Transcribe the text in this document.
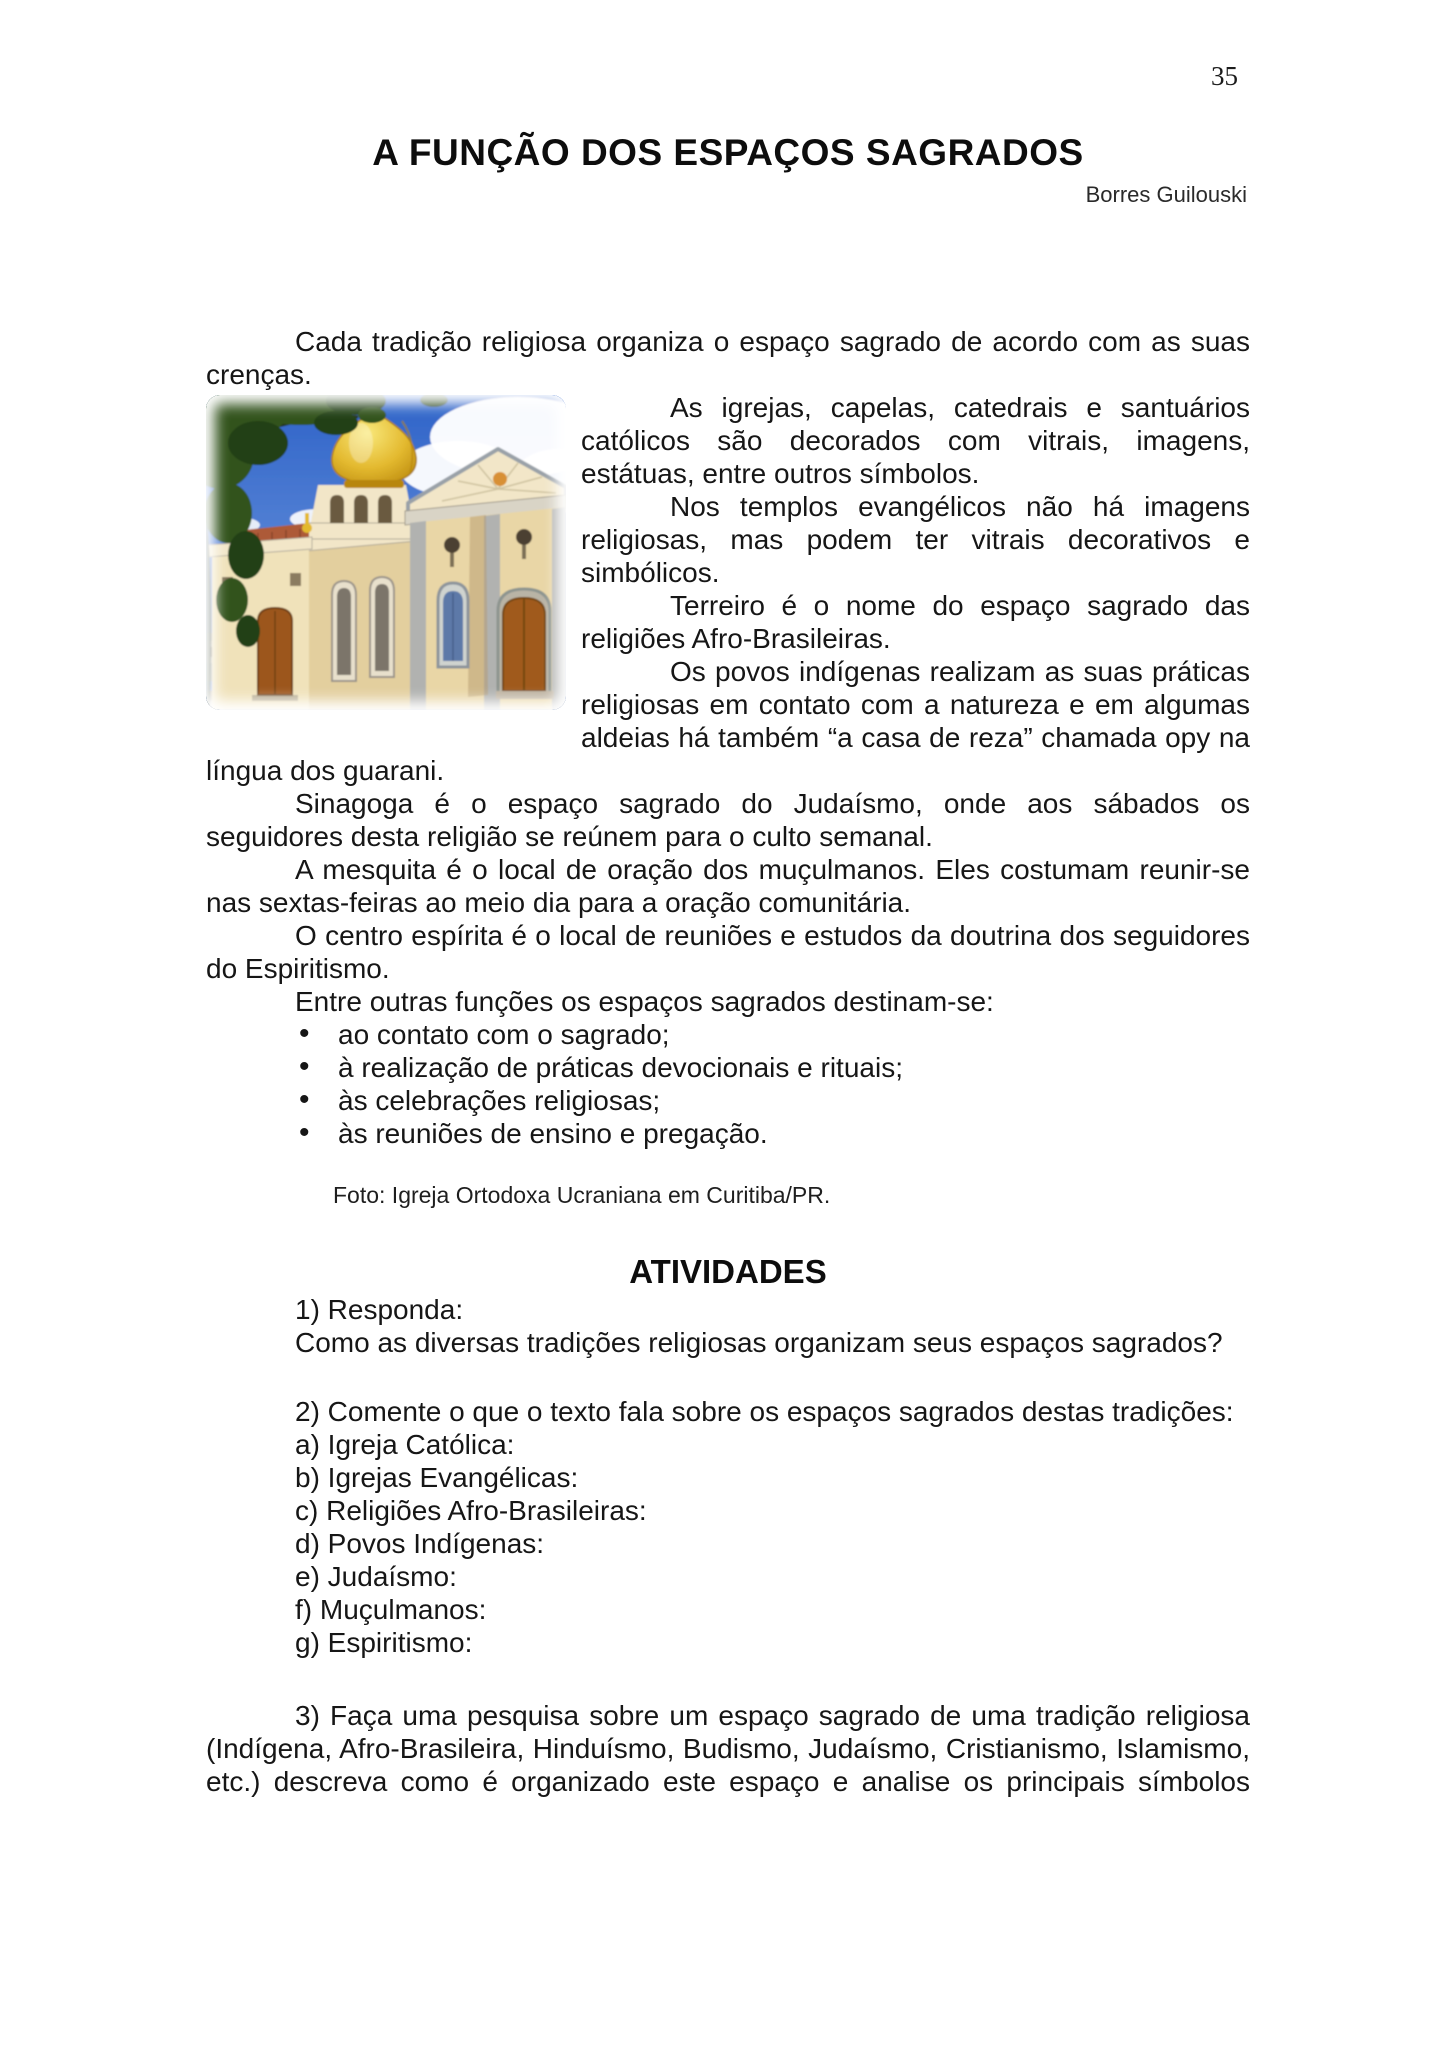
35
A FUNÇÃO DOS ESPAÇOS SAGRADOS
Borres Guilouski

Cada tradição religiosa organiza o espaço sagrado de acordo com as suas crenças.

As igrejas, capelas, catedrais e santuários católicos são decorados com vitrais, imagens, estátuas, entre outros símbolos.

Nos templos evangélicos não há imagens religiosas, mas podem ter vitrais decorativos e simbólicos.

Terreiro é o nome do espaço sagrado das religiões Afro-Brasileiras.

Os povos indígenas realizam as suas práticas religiosas em contato com a natureza e em algumas aldeias há também “a casa de reza” chamada opy na língua dos guarani.

Sinagoga é o espaço sagrado do Judaísmo, onde aos sábados os seguidores desta religião se reúnem para o culto semanal.

A mesquita é o local de oração dos muçulmanos. Eles costumam reunir-se nas sextas-feiras ao meio dia para a oração comunitária.

O centro espírita é o local de reuniões e estudos da doutrina dos seguidores do Espiritismo.

Entre outras funções os espaços sagrados destinam-se:

• ao contato com o sagrado;
• à realização de práticas devocionais e rituais;
• às celebrações religiosas;
• às reuniões de ensino e pregação.

Foto: Igreja Ortodoxa Ucraniana em Curitiba/PR.

ATIVIDADES

1) Responda:

Como as diversas tradições religiosas organizam seus espaços sagrados?

2) Comente o que o texto fala sobre os espaços sagrados destas tradições:

a) Igreja Católica:
b) Igrejas Evangélicas:
c) Religiões Afro-Brasileiras:
d) Povos Indígenas:
e) Judaísmo:
f) Muçulmanos:
g) Espiritismo:

3) Faça uma pesquisa sobre um espaço sagrado de uma tradição religiosa (Indígena, Afro-Brasileira, Hinduísmo, Budismo, Judaísmo, Cristianismo, Islamismo, etc.) descreva como é organizado este espaço e analise os principais símbolos
